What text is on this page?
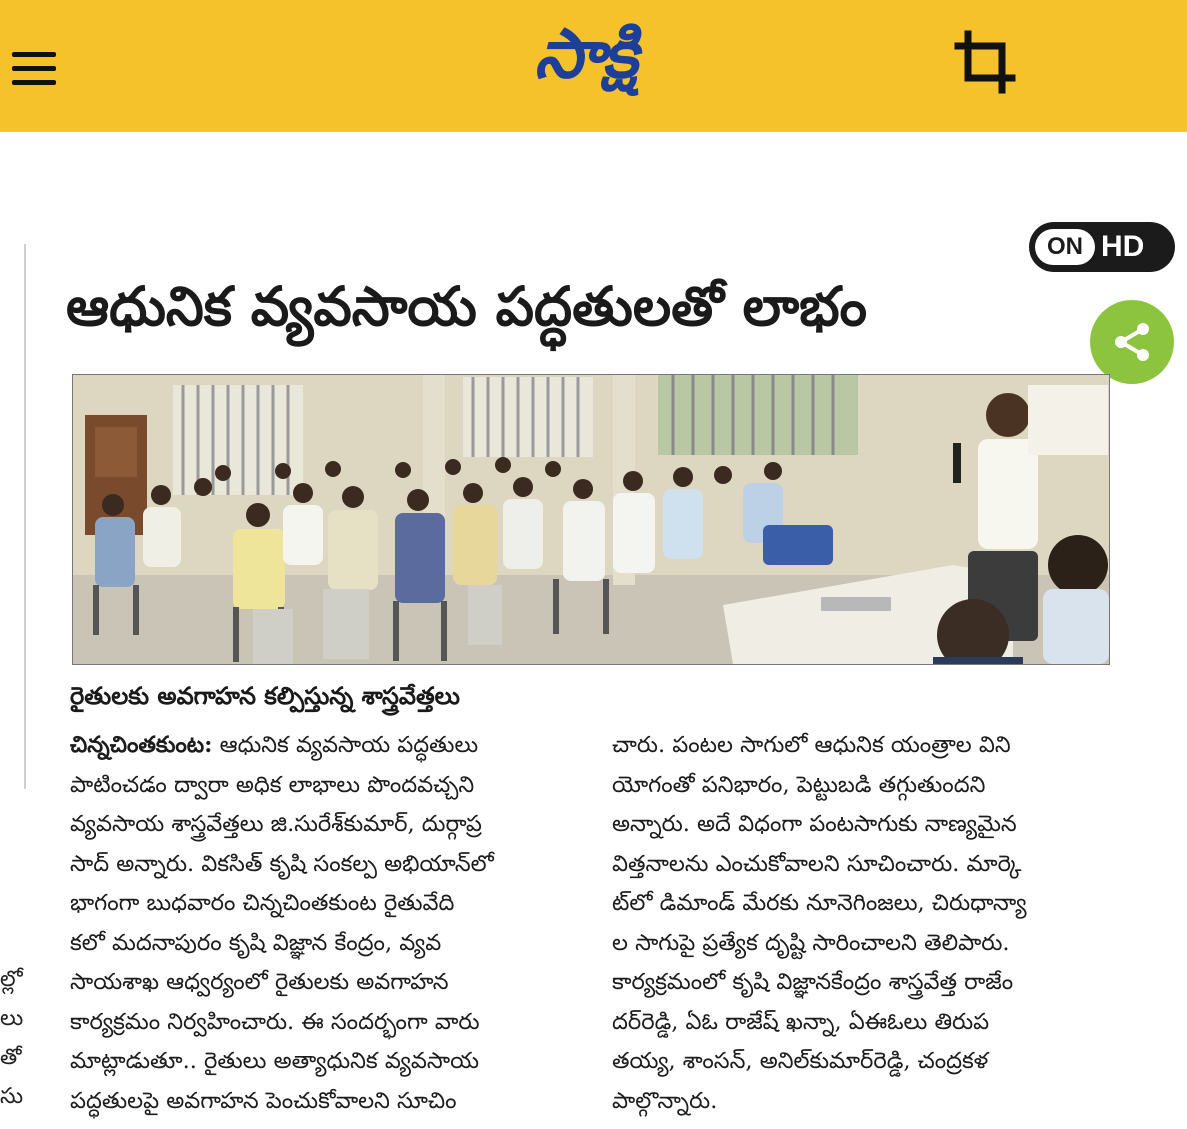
సాక్షి
ల్లో
లు
తో
సు
ON HD
ఆధునిక వ్యవసాయ పద్ధతులతో లాభం
రైతులకు అవగాహన కల్పిస్తున్న శాస్త్రవేత్తలు
చిన్నచింతకుంట: ఆధునిక వ్యవసాయ పద్ధతులు
పాటించడం ద్వారా అధిక లాభాలు పొందవచ్చని
వ్యవసాయ శాస్త్రవేత్తలు జి.సురేశ్‌కుమార్, దుర్గాప్ర
సాద్ అన్నారు. వికసిత్ కృషి సంకల్ప అభియాన్‌లో
భాగంగా బుధవారం చిన్నచింతకుంట రైతువేది
కలో మదనాపురం కృషి విజ్ఞాన కేంద్రం, వ్యవ
సాయశాఖ ఆధ్వర్యంలో రైతులకు అవగాహన
కార్యక్రమం నిర్వహించారు. ఈ సందర్భంగా వారు
మాట్లాడుతూ.. రైతులు అత్యాధునిక వ్యవసాయ
పద్ధతులపై అవగాహన పెంచుకోవాలని సూచిం
చారు. పంటల సాగులో ఆధునిక యంత్రాల విని
యోగంతో పనిభారం, పెట్టుబడి తగ్గుతుందని
అన్నారు. అదే విధంగా పంటసాగుకు నాణ్యమైన
విత్తనాలను ఎంచుకోవాలని సూచించారు. మార్కె
ట్‌లో డిమాండ్ మేరకు నూనెగింజలు, చిరుధాన్యా
ల సాగుపై ప్రత్యేక దృష్టి సారించాలని తెలిపారు.
కార్యక్రమంలో కృషి విజ్ఞానకేంద్రం శాస్త్రవేత్త రాజేం
దర్‌రెడ్డి, ఏఓ రాజేష్ ఖన్నా, ఏఈఓలు తిరుప
తయ్య, శాంసన్, అనిల్‌కుమార్‌రెడ్డి, చంద్రకళ
పాల్గొన్నారు.
